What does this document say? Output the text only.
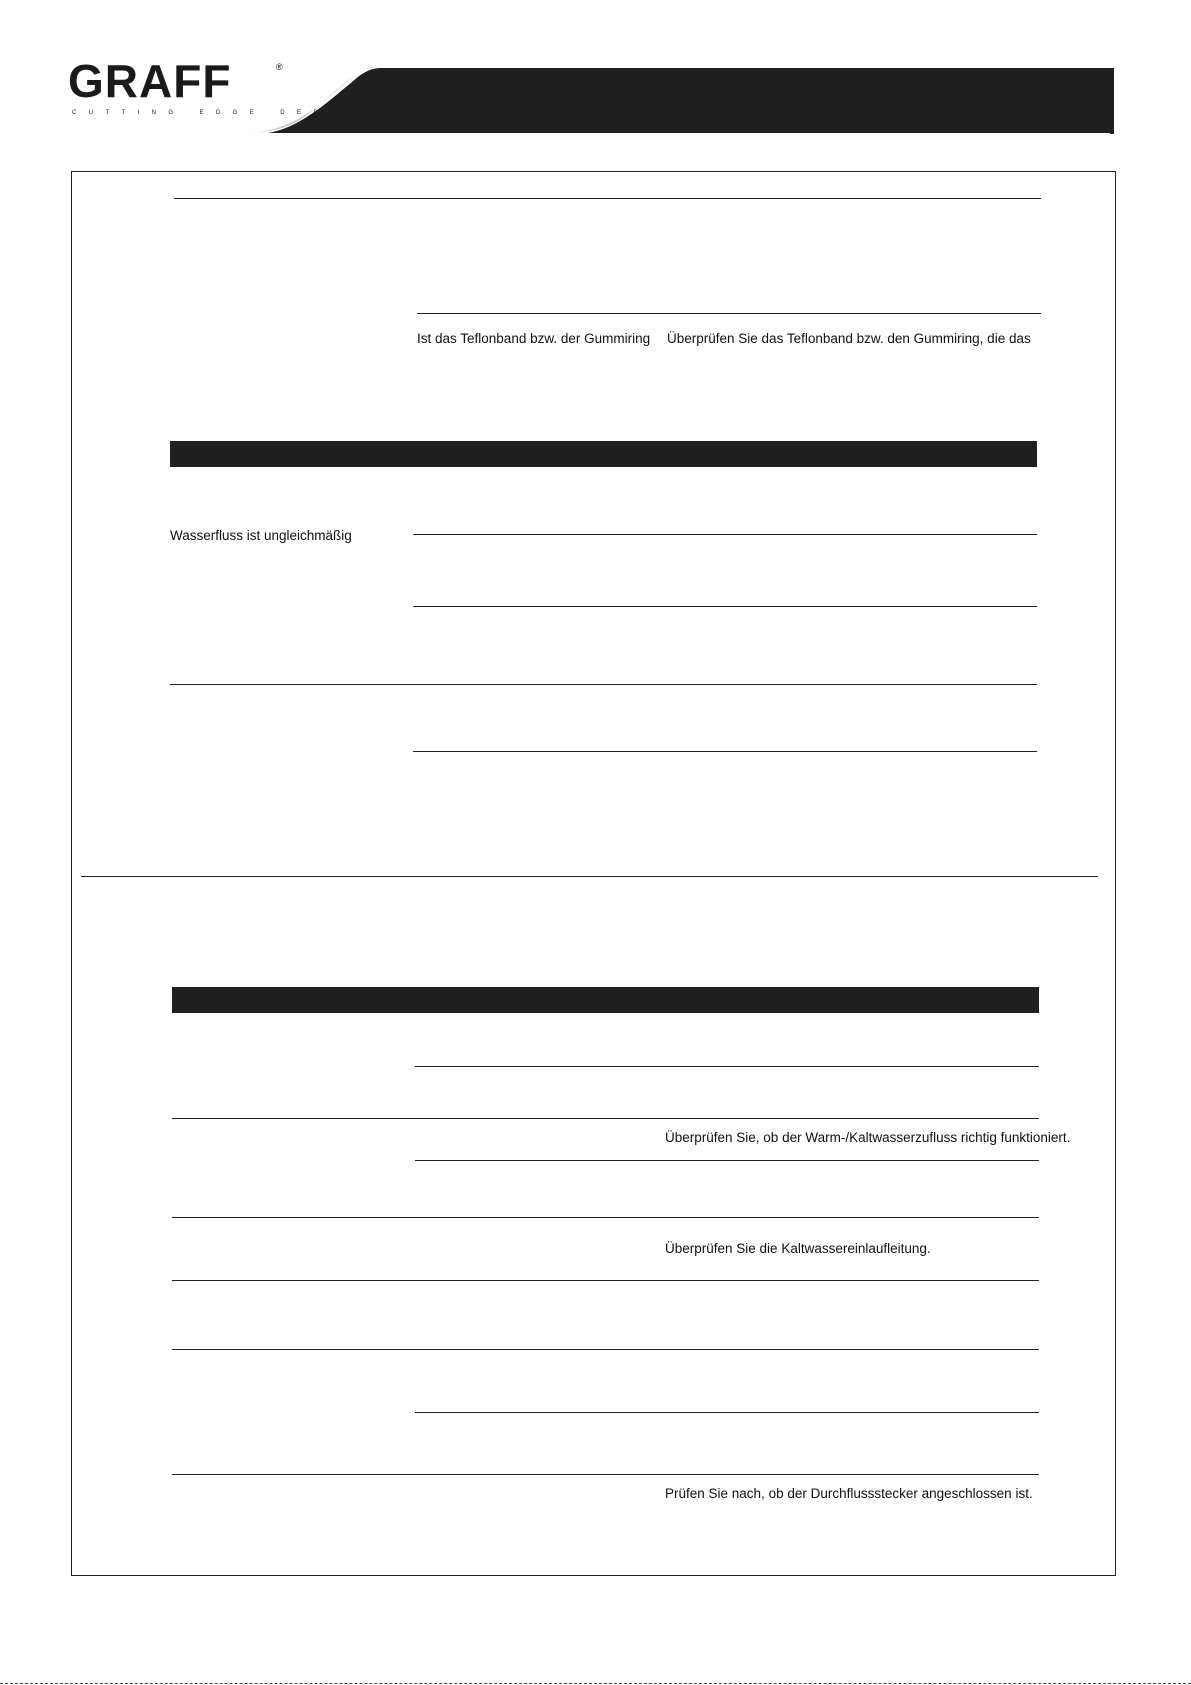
GRAFF	®
CUTTING EDGE DESIGN
Ist das Teflonband bzw. der Gummiring Überprüfen Sie das Teflonband bzw. den Gummiring, die das
Wasserfluss ist ungleichmäßig
Überprüfen Sie, ob der Warm-/Kaltwasserzufluss richtig funktioniert.
Überprüfen Sie die Kaltwassereinlaufleitung.
Prüfen Sie nach, ob der Durchflussstecker angeschlossen ist.
